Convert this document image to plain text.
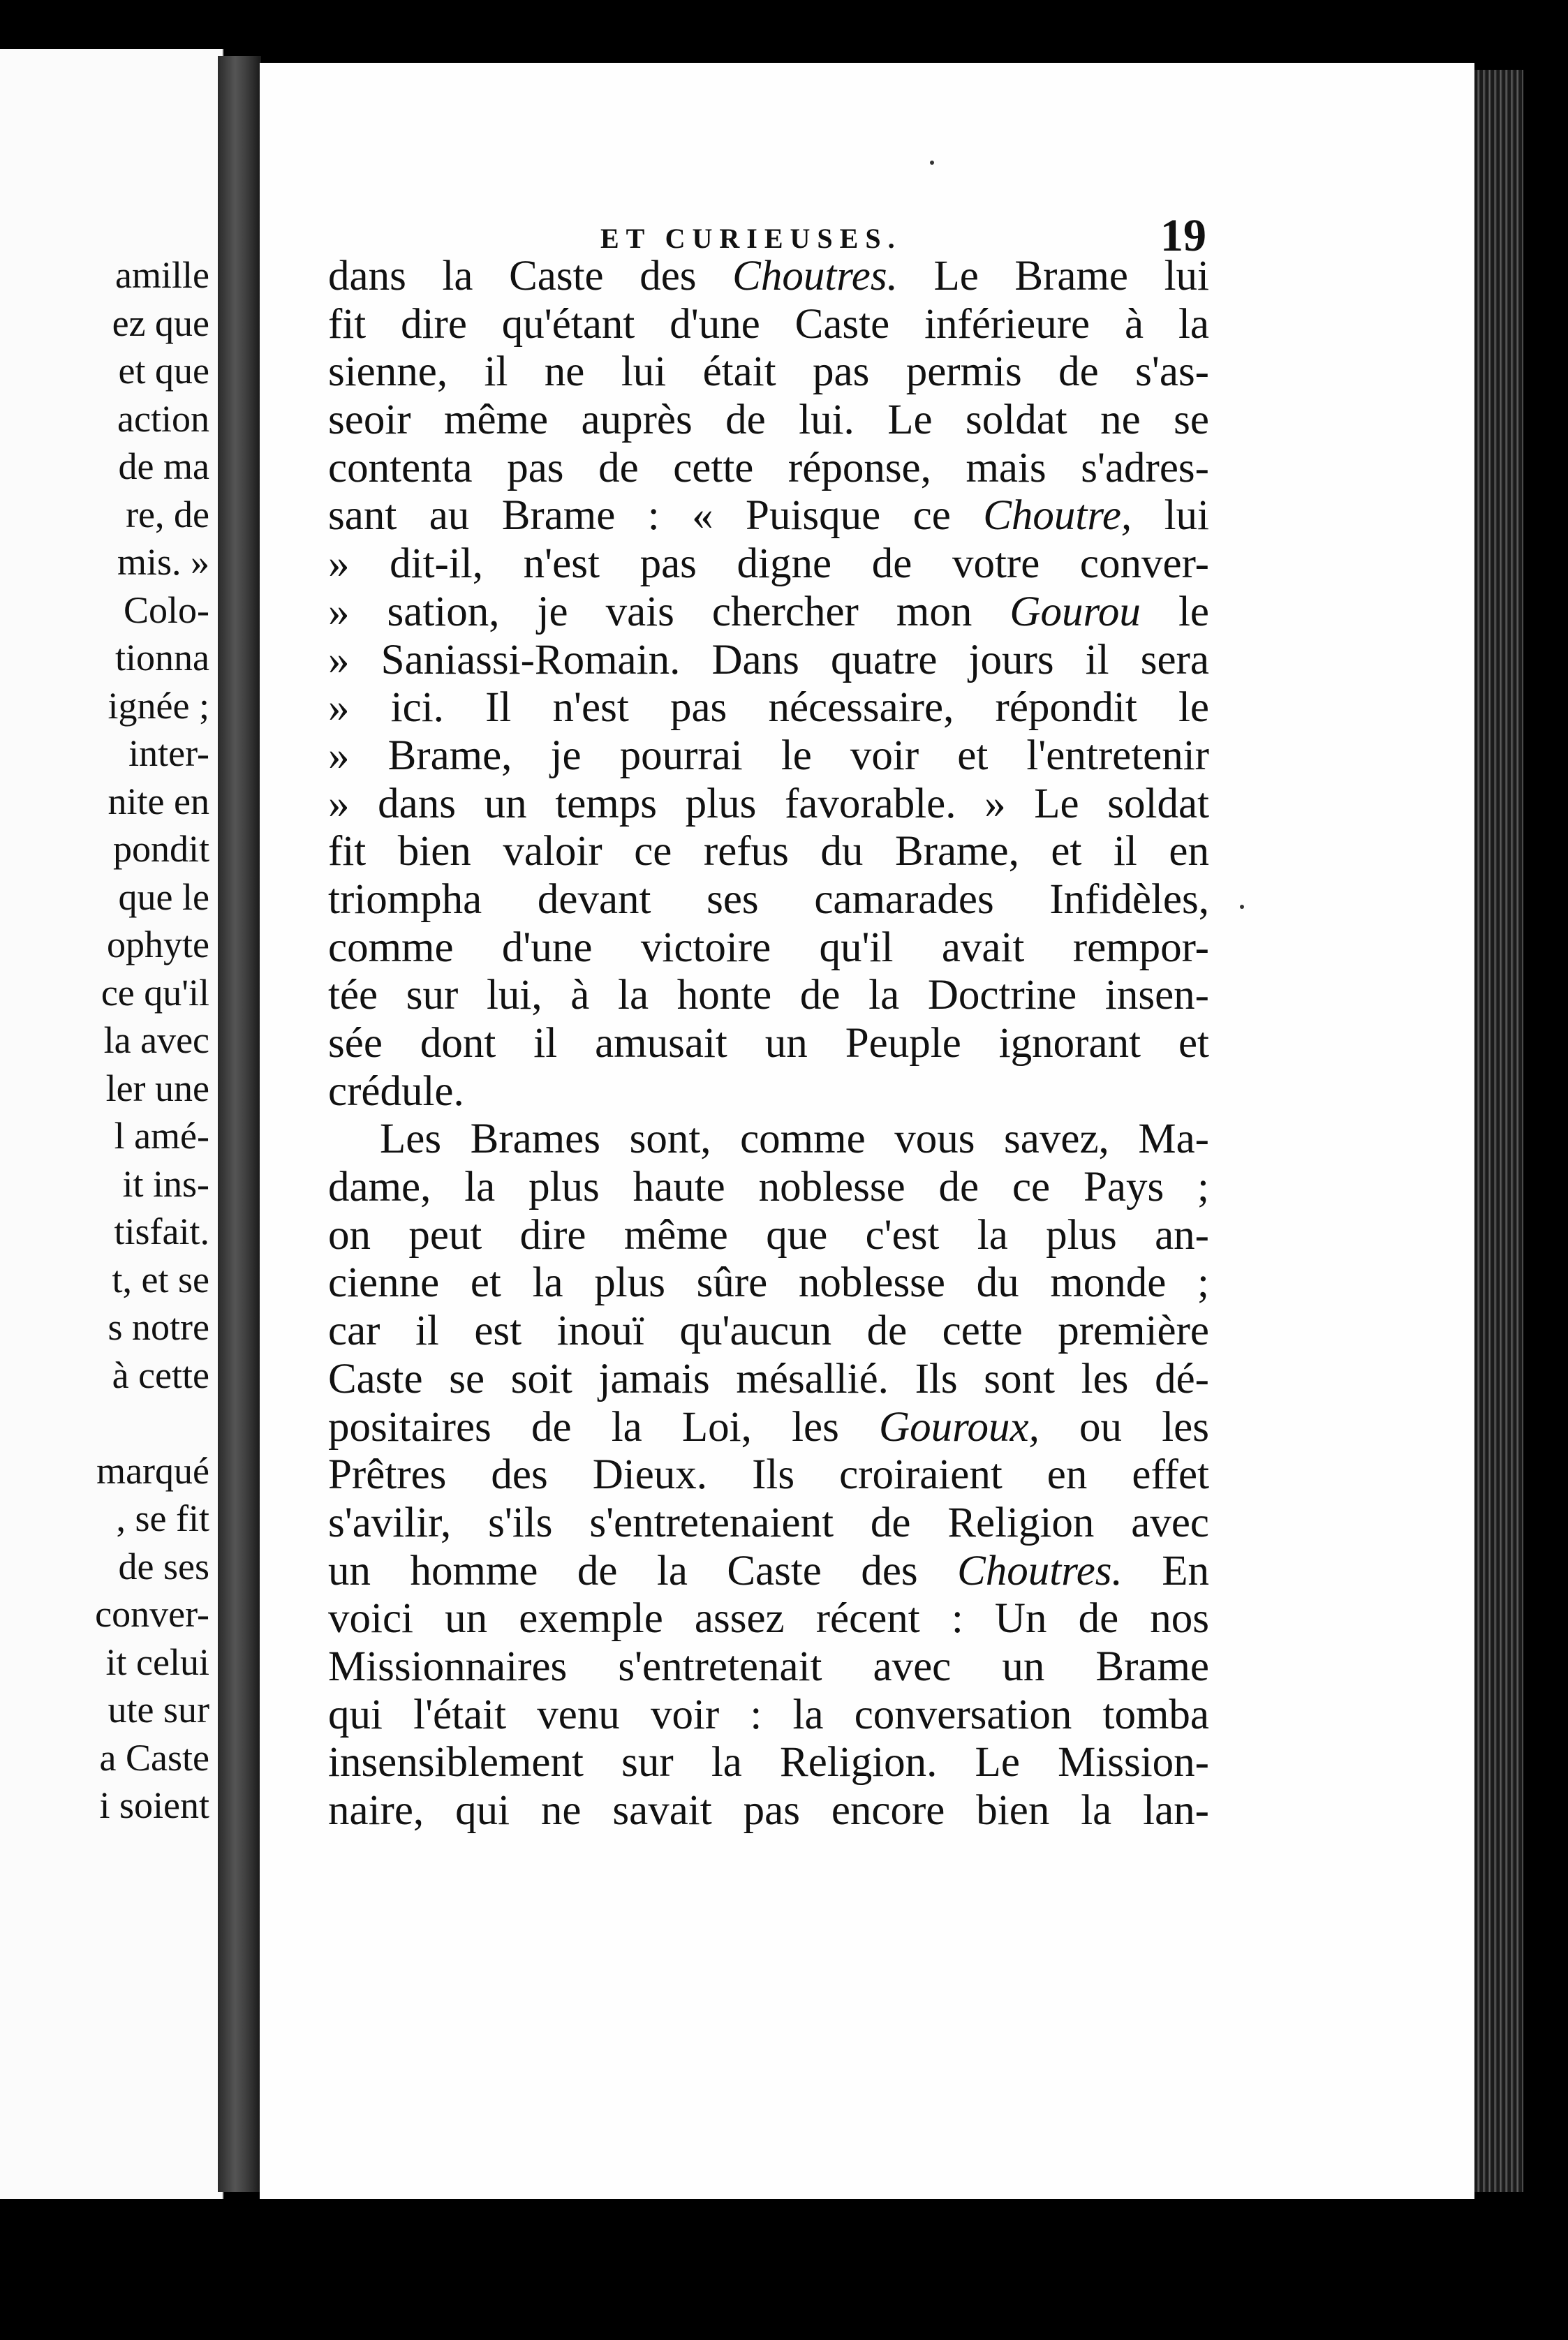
amille
ez que
et que
action
de ma
re, de
mis. »
Colo-
tionna
ignée ;
inter-
nite en
pondit
que le
ophyte
ce qu'il
la avec
ler une
l amé-
it ins-
tisfait.
t, et se
s notre
à cette
marqué
, se fit
de ses
conver-
it celui
ute sur
a Caste
i soient
ET CURIEUSES.	19
dans la Caste des Choutres. Le Brame lui
fit dire qu'étant d'une Caste inférieure à la
sienne, il ne lui était pas permis de s'as-
seoir même auprès de lui. Le soldat ne se
contenta pas de cette réponse, mais s'adres-
sant au Brame : « Puisque ce Choutre, lui
» dit-il, n'est pas digne de votre conver-
» sation, je vais chercher mon Gourou le
» Saniassi-Romain. Dans quatre jours il sera
» ici. Il n'est pas nécessaire, répondit le
» Brame, je pourrai le voir et l'entretenir
» dans un temps plus favorable. » Le soldat
fit bien valoir ce refus du Brame, et il en
triompha devant ses camarades Infidèles,
comme d'une victoire qu'il avait rempor-
tée sur lui, à la honte de la Doctrine insen-
sée dont il amusait un Peuple ignorant et
crédule.
Les Brames sont, comme vous savez, Ma-
dame, la plus haute noblesse de ce Pays ;
on peut dire même que c'est la plus an-
cienne et la plus sûre noblesse du monde ;
car il est inouï qu'aucun de cette première
Caste se soit jamais mésallié. Ils sont les dé-
positaires de la Loi, les Gouroux, ou les
Prêtres des Dieux. Ils croiraient en effet
s'avilir, s'ils s'entretenaient de Religion avec
un homme de la Caste des Choutres. En
voici un exemple assez récent : Un de nos
Missionnaires s'entretenait avec un Brame
qui l'était venu voir : la conversation tomba
insensiblement sur la Religion. Le Mission-
naire, qui ne savait pas encore bien la lan-
